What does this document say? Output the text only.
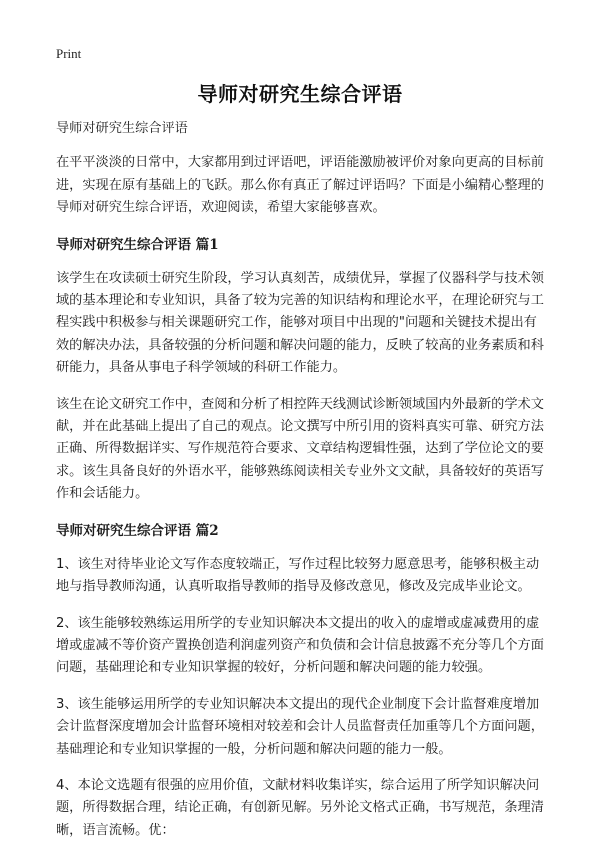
Print
导师对研究生综合评语

导师对研究生综合评语

在平平淡淡的日常中，大家都用到过评语吧，评语能激励被评价对象向更高的目标前进，实现在原有基础上的飞跃。那么你有真正了解过评语吗？下面是小编精心整理的导师对研究生综合评语，欢迎阅读，希望大家能够喜欢。

导师对研究生综合评语 篇1

该学生在攻读硕士研究生阶段，学习认真刻苦，成绩优异，掌握了仪器科学与技术领域的基本理论和专业知识，具备了较为完善的知识结构和理论水平，在理论研究与工程实践中积极参与相关课题研究工作，能够对项目中出现的"问题和关键技术提出有效的解决办法，具备较强的分析问题和解决问题的能力，反映了较高的业务素质和科研能力，具备从事电子科学领域的科研工作能力。

该生在论文研究工作中，查阅和分析了相控阵天线测试诊断领域国内外最新的学术文献，并在此基础上提出了自己的观点。论文撰写中所引用的资料真实可靠、研究方法正确、所得数据详实、写作规范符合要求、文章结构逻辑性强，达到了学位论文的要求。该生具备良好的外语水平，能够熟练阅读相关专业外文文献，具备较好的英语写作和会话能力。

导师对研究生综合评语 篇2

1、该生对待毕业论文写作态度较端正，写作过程比较努力愿意思考，能够积极主动地与指导教师沟通，认真听取指导教师的指导及修改意见，修改及完成毕业论文。

2、该生能够较熟练运用所学的专业知识解决本文提出的收入的虚增或虚减费用的虚增或虚减不等价资产置换创造利润虚列资产和负债和会计信息披露不充分等几个方面问题，基础理论和专业知识掌握的较好，分析问题和解决问题的能力较强。

3、该生能够运用所学的专业知识解决本文提出的现代企业制度下会计监督难度增加会计监督深度增加会计监督环境相对较差和会计人员监督责任加重等几个方面问题，基础理论和专业知识掌握的一般，分析问题和解决问题的能力一般。

4、本论文选题有很强的应用价值，文献材料收集详实，综合运用了所学知识解决问题，所得数据合理，结论正确，有创新见解。另外论文格式正确，书写规范，条理清晰，语言流畅。优：
